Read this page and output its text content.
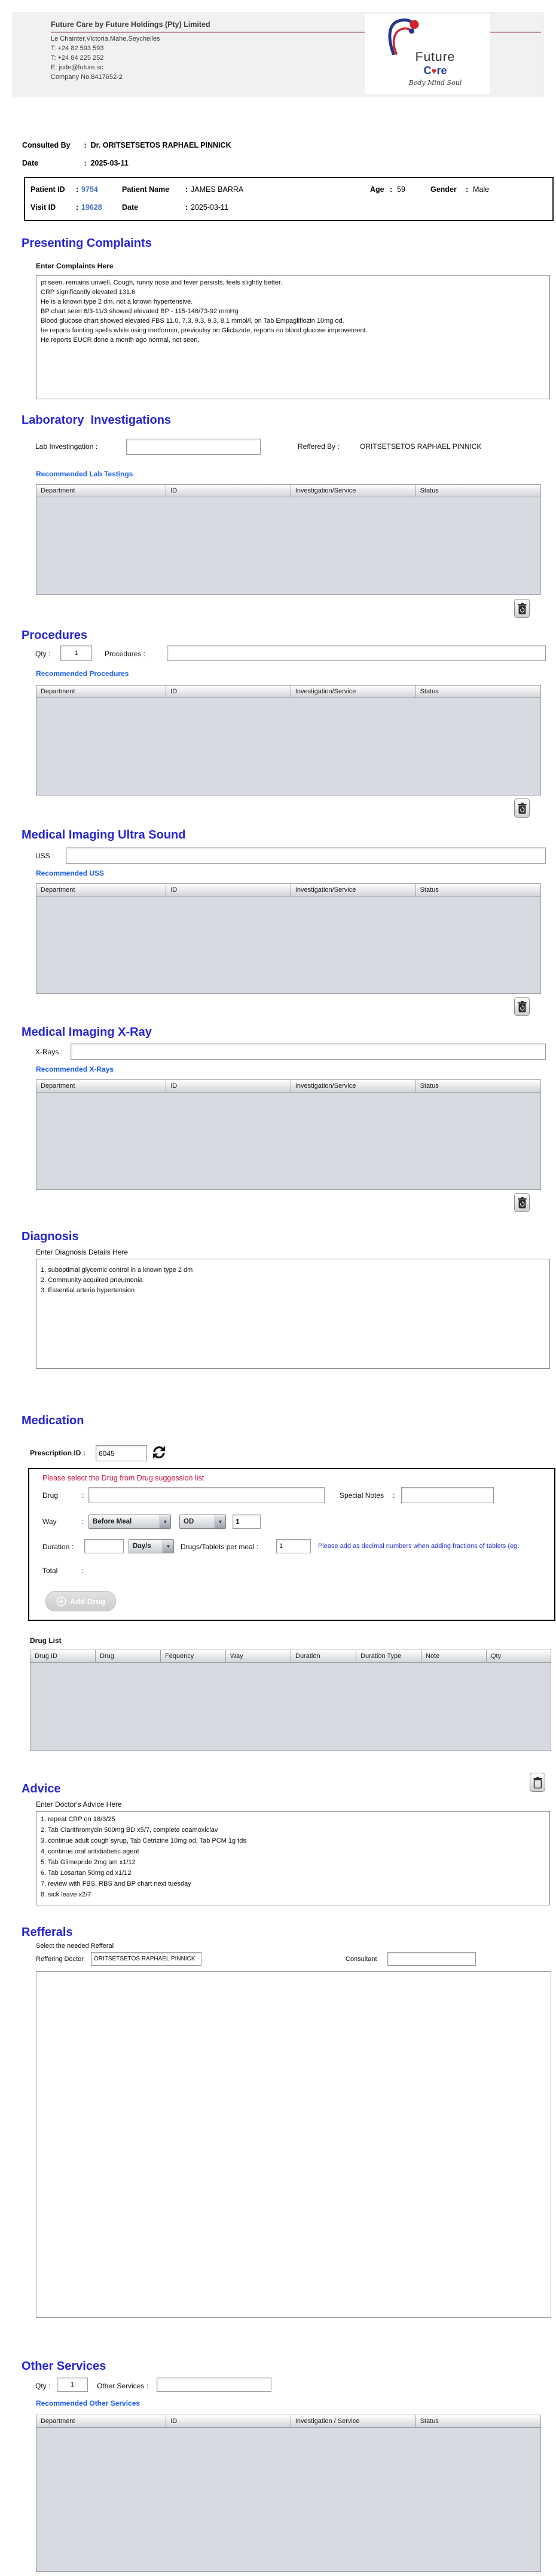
Future Care by Future Holdings (Pty) Limited
Le Chainter,Victoria,Mahe,Seychelles
T: +24 82 593 593
T: +24 84 225 252
E: jude@future.sc
Company No.8417652-2
Future
C♥re
Body Mind Soul
Consulted By : Dr. ORITSETSETOS RAPHAEL PINNICK
Date	: 2025-03-11
Patient ID : 9754	Patient Name : JAMES BARRA	Age : 59	Gender : Male
Visit ID	: 19628	Date	: 2025-03-11
Presenting Complaints
Enter Complaints Here
pt seen, remains unwell, Cough, runny nose and fever persists, feels slightly better. CRP significantly elevated 131.6 He is a known type 2 dm, not a known hypertensive. BP chart seen 6/3-11/3 showed elevated BP - 115-146/73-92 mmHg Blood glucose chart showed elevated FBS 11.0, 7.3, 9.3, 9.3, 8.1 mmol/l, on Tab Empagliflozin 10mg od. he reports fainting spells while using metformin, previoulsy on Gliclazide, reports no blood glucose improvement. He reports EUCR done a month ago normal, not seen,
Laboratory  Investigations
Lab Investingation :	Reffered By :	ORITSETSETOS RAPHAEL PINNICK
Recommended Lab Testings
Department	ID	Investigation/Service	Status
Procedures
Qty :
1	Procedures :
Recommended Procedures
Department	ID	Investigation/Service	Status
Medical Imaging Ultra Sound
USS :
Recommended USS
Department	ID	Investigation/Service	Status
Medical Imaging X-Ray
X-Rays :
Recommended X-Rays
Department	ID	Investigation/Service	Status
Diagnosis
Enter Diagnosis Details Here
1. suboptimal glycemic control in a known type 2 dm 2. Community acquired pneumonia 3. Essential arteria hypertension
Medication
Prescription ID :
6045
Please select the Drug from Drug suggession list
Drug	:	Special Notes :
Way	:	Before Meal	▼	OD	▼
1
Duration :	Day/s	▼	Drugs/Tablets per meal :
1	Please add as decimal numbers when adding fractions of tablets (eg:
Total	:
Add Drug
Drug List
Drug ID	Drug	Fequency	Way	Duration	Duration Type	Note	Qty
Advice
Enter Doctor's Advice Here
1. repeat CRP on 18/3/25 2. Tab Clarithromycin 500mg BD x5/7, complete coamoxiclav 3. continue adult cough syrup, Tab Cetrizine 10mg od, Tab PCM 1g tds 4. continue oral antidiabetic agent 5. Tab Glimepride 2mg am x1/12 6. Tab Losartan 50mg od x1/12 7. review with FBS, RBS and BP chart next tuesday 8. sick leave x2/7
Refferals
Select the needed Refferal
Reffering Doctor
ORITSETSETOS RAPHAEL PINNICK	Consultant
Other Services
Qty :
1	Other Services :
Recommended Other Services
Department	ID	Investigation / Service	Status
